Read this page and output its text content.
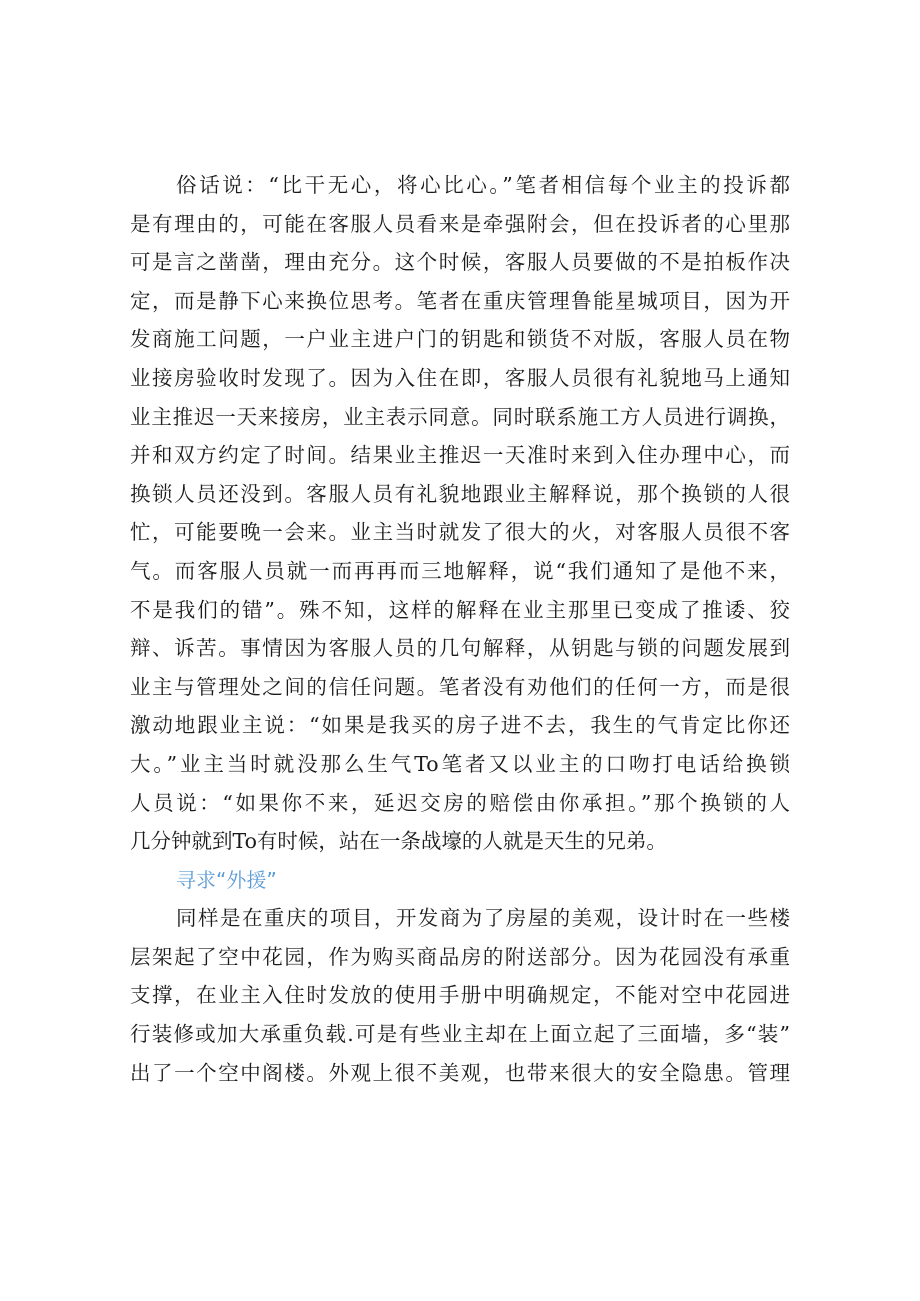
俗话说：“比干无心，将心比心。”笔者相信每个业主的投诉都
是有理由的，可能在客服人员看来是牵强附会，但在投诉者的心里那
可是言之凿凿，理由充分。这个时候，客服人员要做的不是拍板作决
定，而是静下心来换位思考。笔者在重庆管理鲁能星城项目，因为开
发商施工问题，一户业主进户门的钥匙和锁货不对版，客服人员在物
业接房验收时发现了。因为入住在即，客服人员很有礼貌地马上通知
业主推迟一天来接房，业主表示同意。同时联系施工方人员进行调换，
并和双方约定了时间。结果业主推迟一天准时来到入住办理中心，而
换锁人员还没到。客服人员有礼貌地跟业主解释说，那个换锁的人很
忙，可能要晚一会来。业主当时就发了很大的火，对客服人员很不客
气。而客服人员就一而再再而三地解释，说“我们通知了是他不来，
不是我们的错”。殊不知，这样的解释在业主那里已变成了推诿、狡
辩、诉苦。事情因为客服人员的几句解释，从钥匙与锁的问题发展到
业主与管理处之间的信任问题。笔者没有劝他们的任何一方，而是很
激动地跟业主说：“如果是我买的房子进不去，我生的气肯定比你还
大。”业主当时就没那么生气To笔者又以业主的口吻打电话给换锁
人员说：“如果你不来，延迟交房的赔偿由你承担。”那个换锁的人
几分钟就到To有时候，站在一条战壕的人就是天生的兄弟。
寻求“外援”
同样是在重庆的项目，开发商为了房屋的美观，设计时在一些楼
层架起了空中花园，作为购买商品房的附送部分。因为花园没有承重
支撑，在业主入住时发放的使用手册中明确规定，不能对空中花园进
行装修或加大承重负载.可是有些业主却在上面立起了三面墙，多“装”
出了一个空中阁楼。外观上很不美观，也带来很大的安全隐患。管理
